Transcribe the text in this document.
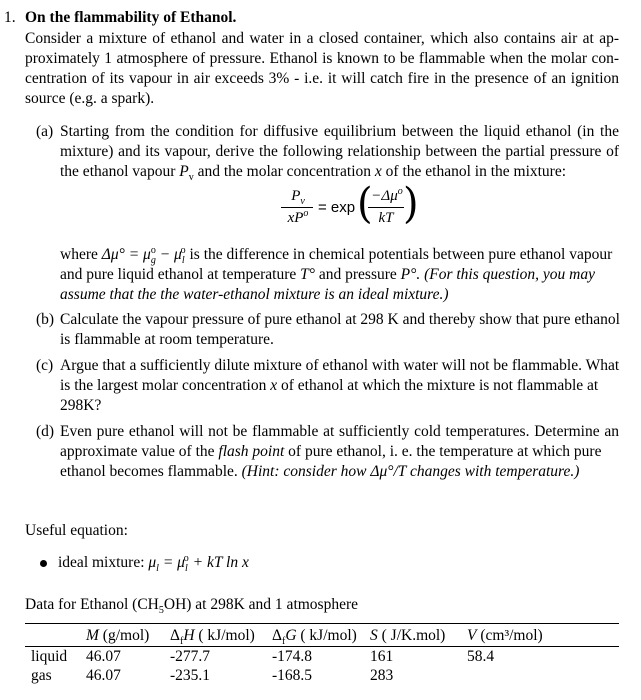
1. On the flammability of Ethanol.
Consider a mixture of ethanol and water in a closed container, which also contains air at ap-
proximately 1 atmosphere of pressure. Ethanol is known to be flammable when the molar con-
centration of its vapour in air exceeds 3% - i.e. it will catch fire in the presence of an ignition
source (e.g. a spark).
(a) Starting from the condition for diffusive equilibrium between the liquid ethanol (in the
mixture) and its vapour, derive the following relationship between the partial pressure of
the ethanol vapour $P_v$ and the molar concentration x of the ethanol in the mixture:
$P_v$
$xP^o = \exp$ (
$-\Delta\mu^o$
kT )
where $\Delta\mu^\circ = \mu_g^o - \mu_l^o$ is the difference in chemical potentials between pure ethanol vapour
and pure liquid ethanol at temperature T° and pressure P°. (For this question, you may
assume that the the water-ethanol mixture is an ideal mixture.)
(b) Calculate the vapour pressure of pure ethanol at 298 K and thereby show that pure ethanol
is flammable at room temperature.
(c) Argue that a sufficiently dilute mixture of ethanol with water will not be flammable. What
is the largest molar concentration x of ethanol at which the mixture is not flammable at
298K?
(d) Even pure ethanol will not be flammable at sufficiently cold temperatures. Determine an
approximate value of the flash point of pure ethanol, i. e. the temperature at which pure
ethanol becomes flammable. (Hint: consider how Δμ°/T changes with temperature.)
Useful equation:
ideal mixture: $\mu_l = \mu_l^o$ + kT ln x
Data for Ethanol $(CH_5OH)$ at 298K and 1 atmosphere
M (g/mol) $\Delta_fH$ ( kJ/mol) $\Delta_fG$ ( kJ/mol) S ( J/K.mol) V (cm³/mol)
liquid 46.07	-277.7	-174.8	161	58.4
gas 46.07	-235.1	-168.5	283
